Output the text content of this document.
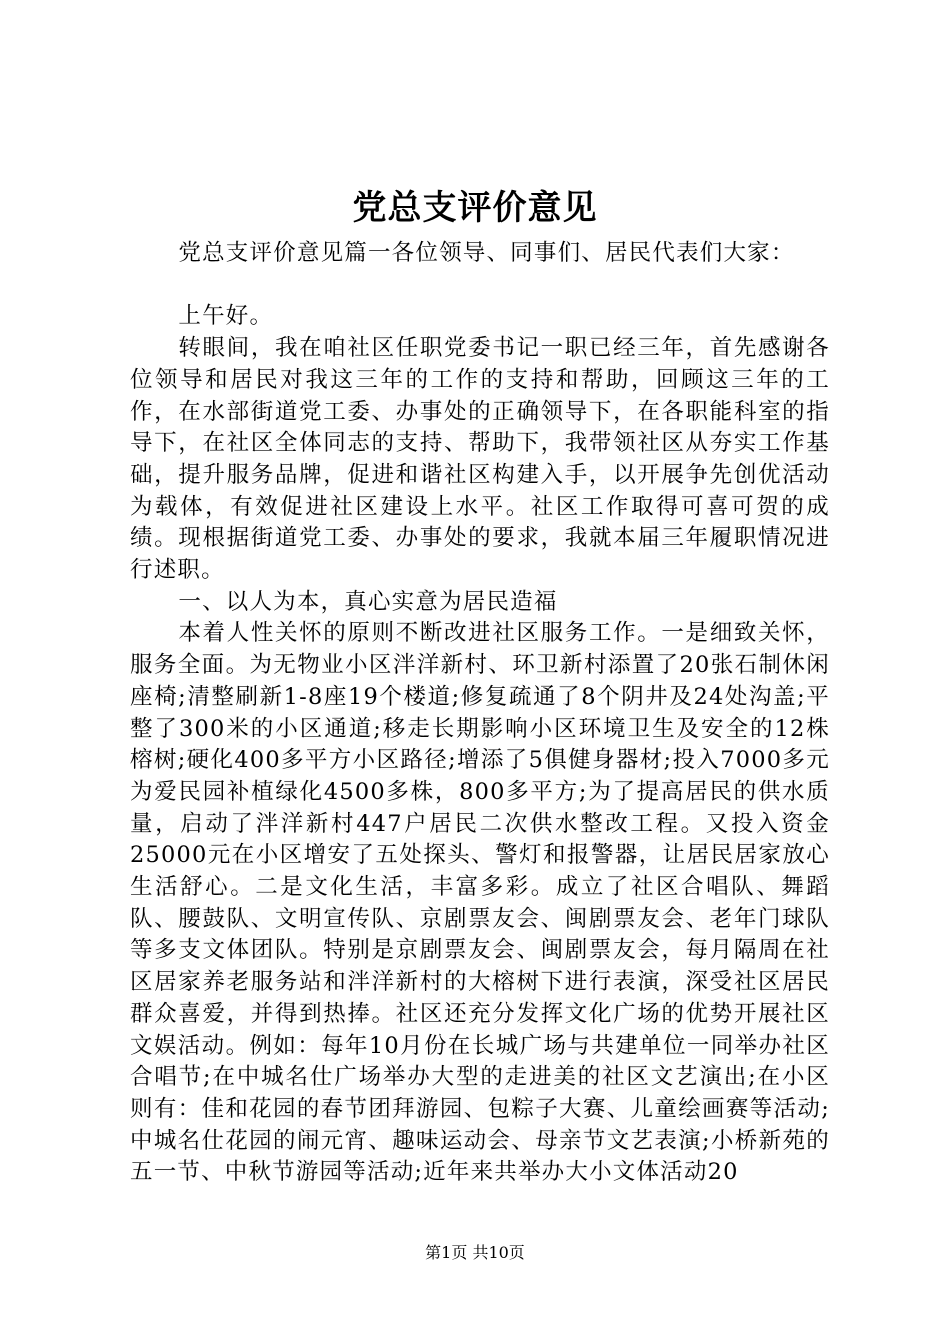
党总支评价意见

党总支评价意见篇一各位领导、同事们、居民代表们大家：

上午好。

转眼间，我在咱社区任职党委书记一职已经三年，首先感谢各位领导和居民对我这三年的工作的支持和帮助，回顾这三年的工作，在水部街道党工委、办事处的正确领导下，在各职能科室的指导下，在社区全体同志的支持、帮助下，我带领社区从夯实工作基础，提升服务品牌，促进和谐社区构建入手，以开展争先创优活动为载体，有效促进社区建设上水平。社区工作取得可喜可贺的成绩。现根据街道党工委、办事处的要求，我就本届三年履职情况进行述职。

一、以人为本，真心实意为居民造福

本着人性关怀的原则不断改进社区服务工作。一是细致关怀，服务全面。为无物业小区泮洋新村、环卫新村添置了20张石制休闲座椅;清整刷新1-8座19个楼道;修复疏通了8个阴井及24处沟盖;平整了300米的小区通道;移走长期影响小区环境卫生及安全的12株榕树;硬化400多平方小区路径;增添了5俱健身器材;投入7000多元为爱民园补植绿化4500多株，800多平方;为了提高居民的供水质量，启动了泮洋新村447户居民二次供水整改工程。又投入资金25000元在小区增安了五处探头、警灯和报警器，让居民居家放心生活舒心。二是文化生活，丰富多彩。成立了社区合唱队、舞蹈队、腰鼓队、文明宣传队、京剧票友会、闽剧票友会、老年门球队等多支文体团队。特别是京剧票友会、闽剧票友会，每月隔周在社区居家养老服务站和泮洋新村的大榕树下进行表演，深受社区居民群众喜爱，并得到热捧。社区还充分发挥文化广场的优势开展社区文娱活动。例如：每年10月份在长城广场与共建单位一同举办社区合唱节;在中城名仕广场举办大型的走进美的社区文艺演出;在小区则有：佳和花园的春节团拜游园、包粽子大赛、儿童绘画赛等活动;中城名仕花园的闹元宵、趣味运动会、母亲节文艺表演;小桥新苑的五一节、中秋节游园等活动;近年来共举办大小文体活动20

第1页 共10页
